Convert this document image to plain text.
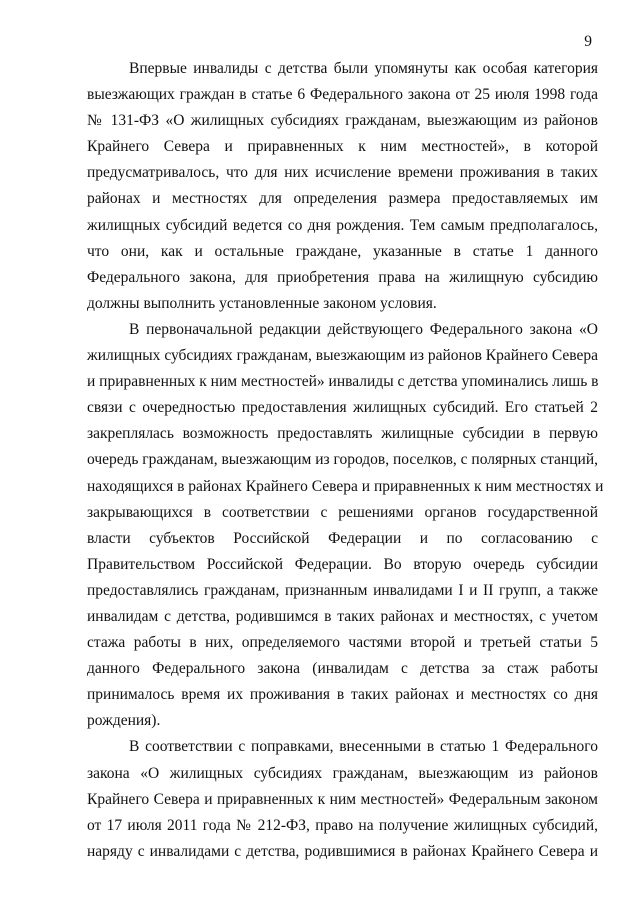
9
Впервые инвалиды с детства были упомянуты как особая категория
выезжающих граждан в статье 6 Федерального закона от 25 июля 1998 года
№ 131-ФЗ «О жилищных субсидиях гражданам, выезжающим из районов
Крайнего Севера и приравненных к ним местностей», в которой
предусматривалось, что для них исчисление времени проживания в таких
районах и местностях для определения размера предоставляемых им
жилищных субсидий ведется со дня рождения. Тем самым предполагалось,
что они, как и остальные граждане, указанные в статье 1 данного
Федерального закона, для приобретения права на жилищную субсидию
должны выполнить установленные законом условия.
В первоначальной редакции действующего Федерального закона «О
жилищных субсидиях гражданам, выезжающим из районов Крайнего Севера
и приравненных к ним местностей» инвалиды с детства упоминались лишь в
связи с очередностью предоставления жилищных субсидий. Его статьей 2
закреплялась возможность предоставлять жилищные субсидии в первую
очередь гражданам, выезжающим из городов, поселков, с полярных станций,
находящихся в районах Крайнего Севера и приравненных к ним местностях и
закрывающихся в соответствии с решениями органов государственной
власти субъектов Российской Федерации и по согласованию с
Правительством Российской Федерации. Во вторую очередь субсидии
предоставлялись гражданам, признанным инвалидами I и II групп, а также
инвалидам с детства, родившимся в таких районах и местностях, с учетом
стажа работы в них, определяемого частями второй и третьей статьи 5
данного Федерального закона (инвалидам с детства за стаж работы
принималось время их проживания в таких районах и местностях со дня
рождения).
В соответствии с поправками, внесенными в статью 1 Федерального
закона «О жилищных субсидиях гражданам, выезжающим из районов
Крайнего Севера и приравненных к ним местностей» Федеральным законом
от 17 июля 2011 года № 212-ФЗ, право на получение жилищных субсидий,
наряду с инвалидами с детства, родившимися в районах Крайнего Севера и
